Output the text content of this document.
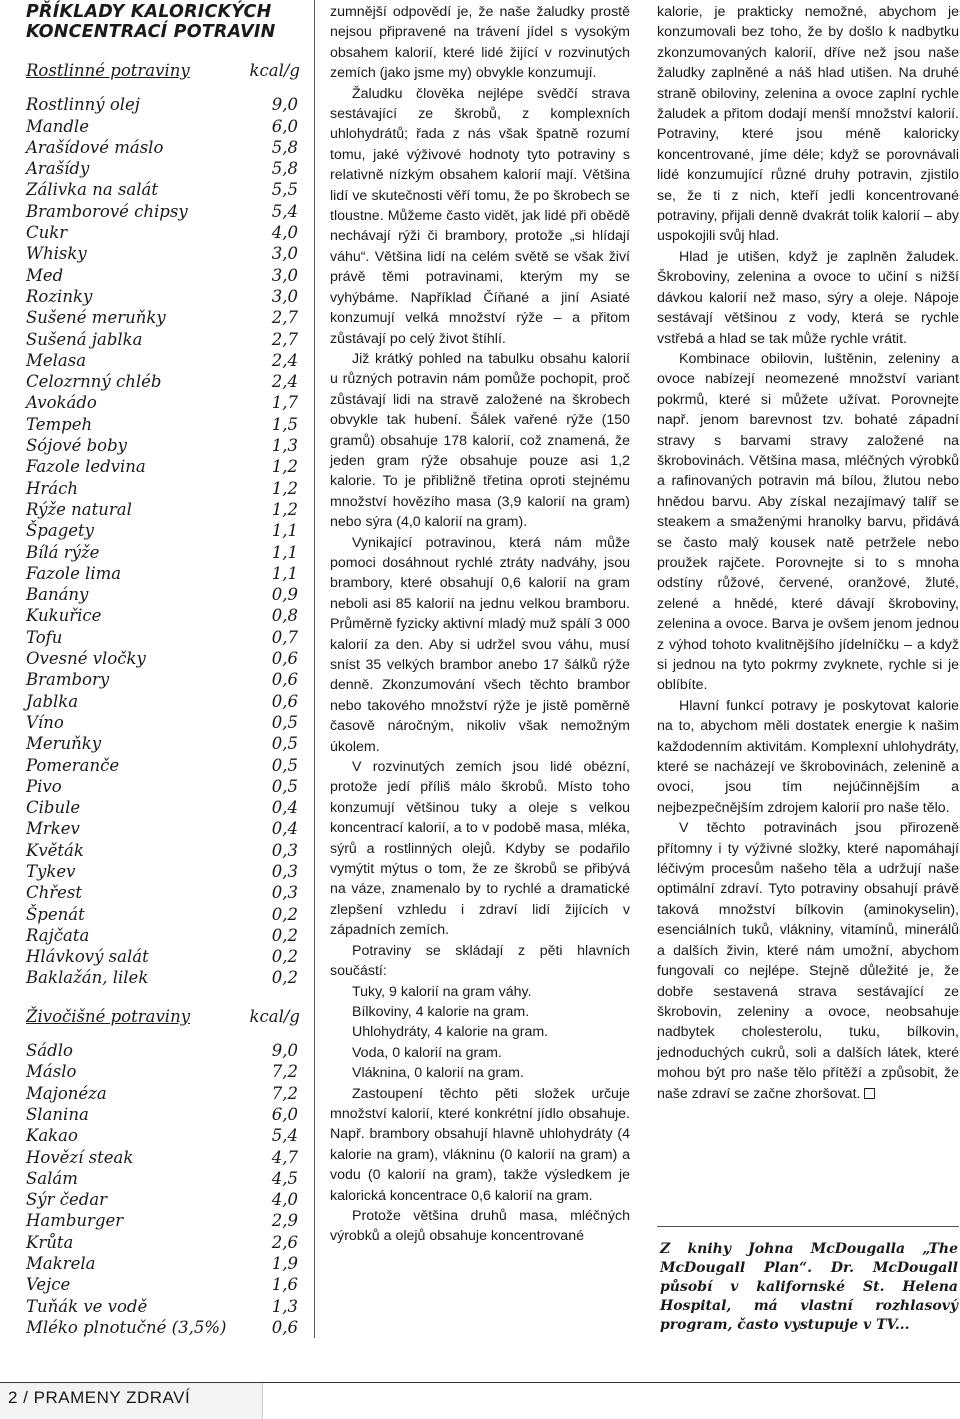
PŘÍKLADY KALORICKÝCH
KONCENTRACÍ POTRAVIN
Rostlinné potraviny	kcal/g
Rostlinný olej	9,0
Mandle	6,0
Arašídové máslo	5,8
Arašídy	5,8
Zálivka na salát	5,5
Bramborové chipsy	5,4
Cukr	4,0
Whisky	3,0
Med	3,0
Rozinky	3,0
Sušené meruňky	2,7
Sušená jablka	2,7
Melasa	2,4
Celozrnný chléb	2,4
Avokádo	1,7
Tempeh	1,5
Sójové boby	1,3
Fazole ledvina	1,2
Hrách	1,2
Rýže natural	1,2
Špagety	1,1
Bílá rýže	1,1
Fazole lima	1,1
Banány	0,9
Kukuřice	0,8
Tofu	0,7
Ovesné vločky	0,6
Brambory	0,6
Jablka	0,6
Víno	0,5
Meruňky	0,5
Pomeranče	0,5
Pivo	0,5
Cibule	0,4
Mrkev	0,4
Květák	0,3
Tykev	0,3
Chřest	0,3
Špenát	0,2
Rajčata	0,2
Hlávkový salát	0,2
Baklažán, lilek	0,2
Živočišné potraviny	kcal/g
Sádlo	9,0
Máslo	7,2
Majonéza	7,2
Slanina	6,0
Kakao	5,4
Hovězí steak	4,7
Salám	4,5
Sýr čedar	4,0
Hamburger	2,9
Krůta	2,6
Makrela	1,9
Vejce	1,6
Tuňák ve vodě	1,3
Mléko plnotučné (3,5%)	0,6

zumnější odpovědí je, že naše žaludky prostě nejsou připravené na trávení jídel s vysokým obsahem kalorií, které lidé žijící v rozvinutých zemích (jako jsme my) obvykle konzumují.

Žaludku člověka nejlépe svědčí strava sestávající ze škrobů, z komplexních uhlohydrátů; řada z nás však špatně rozumí tomu, jaké výživové hodnoty tyto potraviny s relativně nízkým obsahem kalorií mají. Většina lidí ve skutečnosti věří tomu, že po škrobech se tloustne. Můžeme často vidět, jak lidé při obědě nechávají rýži či brambory, protože „si hlídají váhu“. Většina lidí na celém světě se však živí právě těmi potravinami, kterým my se vyhýbáme. Například Číňané a jiní Asiaté konzumují velká množství rýže – a přitom zůstávají po celý život štíhlí.

Již krátký pohled na tabulku obsahu kalorií u různých potravin nám pomůže pochopit, proč zůstávají lidi na stravě založené na škrobech obvykle tak hubení. Šálek vařené rýže (150 gramů) obsahuje 178 kalorií, což znamená, že jeden gram rýže obsahuje pouze asi 1,2 kalorie. To je přibližně třetina oproti stejnému množství hovězího masa (3,9 kalorií na gram) nebo sýra (4,0 kalorií na gram).

Vynikající potravinou, která nám může pomoci dosáhnout rychlé ztráty nadváhy, jsou brambory, které obsahují 0,6 kalorií na gram neboli asi 85 kalorií na jednu velkou bramboru. Průměrně fyzicky aktivní mladý muž spálí 3 000 kalorií za den. Aby si udržel svou váhu, musí sníst 35 velkých brambor anebo 17 šálků rýže denně. Zkonzumování všech těchto brambor nebo takového množství rýže je jistě poměrně časově náročným, nikoliv však nemožným úkolem.

V rozvinutých zemích jsou lidé obézní, protože jedí příliš málo škrobů. Místo toho konzumují většinou tuky a oleje s velkou koncentrací kalorií, a to v podobě masa, mléka, sýrů a rostlinných olejů. Kdyby se podařilo vymýtit mýtus o tom, že ze škrobů se přibývá na váze, znamenalo by to rychlé a dramatické zlepšení vzhledu i zdraví lidí žijících v západních zemích.

Potraviny se skládají z pěti hlavních součástí:

Tuky, 9 kalorií na gram váhy.

Bílkoviny, 4 kalorie na gram.

Uhlohydráty, 4 kalorie na gram.

Voda, 0 kalorií na gram.

Vláknina, 0 kalorií na gram.

Zastoupení těchto pěti složek určuje množství kalorií, které konkrétní jídlo obsahuje. Např. brambory obsahují hlavně uhlohydráty (4 kalorie na gram), vlákninu (0 kalorií na gram) a vodu (0 kalorií na gram), takže výsledkem je kalorická koncentrace 0,6 kalorií na gram.

Protože většina druhů masa, mléčných výrobků a olejů obsahuje koncentrované

kalorie, je prakticky nemožné, abychom je konzumovali bez toho, že by došlo k nadbytku zkonzumovaných kalorií, dříve než jsou naše žaludky zaplněné a náš hlad utišen. Na druhé straně obiloviny, zelenina a ovoce zaplní rychle žaludek a přitom dodají menší množství kalorií. Potraviny, které jsou méně kaloricky koncentrované, jíme déle; když se porovnávali lidé konzumující různé druhy potravin, zjistilo se, že ti z nich, kteří jedli koncentrované potraviny, přijali denně dvakrát tolik kalorií – aby uspokojili svůj hlad.

Hlad je utišen, když je zaplněn žaludek. Škroboviny, zelenina a ovoce to učiní s nižší dávkou kalorií než maso, sýry a oleje. Nápoje sestávají většinou z vody, která se rychle vstřebá a hlad se tak může rychle vrátit.

Kombinace obilovin, luštěnin, zeleniny a ovoce nabízejí neomezené množství variant pokrmů, které si můžete užívat. Porovnejte např. jenom barevnost tzv. bohaté západní stravy s barvami stravy založené na škrobovinách. Většina masa, mléčných výrobků a rafinovaných potravin má bílou, žlutou nebo hnědou barvu. Aby získal nezajímavý talíř se steakem a smaženými hranolky barvu, přidává se často malý kousek natě petržele nebo proužek rajčete. Porovnejte si to s mnoha odstíny růžové, červené, oranžové, žluté, zelené a hnědé, které dávají škroboviny, zelenina a ovoce. Barva je ovšem jenom jednou z výhod tohoto kvalitnějšího jídelníčku – a když si jednou na tyto pokrmy zvyknete, rychle si je oblíbíte.

Hlavní funkcí potravy je poskytovat kalorie na to, abychom měli dostatek energie k našim každodenním aktivitám. Komplexní uhlohydráty, které se nacházejí ve škrobovinách, zelenině a ovoci, jsou tím nejúčinnějším a nejbezpečnějším zdrojem kalorií pro naše tělo.

V těchto potravinách jsou přirozeně přítomny i ty výživné složky, které napomáhají léčivým procesům našeho těla a udržují naše optimální zdraví. Tyto potraviny obsahují právě taková množství bílkovin (aminokyselin), esenciálních tuků, vlákniny, vitamínů, minerálů a dalších živin, které nám umožní, abychom fungovali co nejlépe. Stejně důležité je, že dobře sestavená strava sestávající ze škrobovin, zeleniny a ovoce, neobsahuje nadbytek cholesterolu, tuku, bílkovin, jednoduchých cukrů, soli a dalších látek, které mohou být pro naše tělo přítěží a způsobit, že naše zdraví se začne zhoršovat.

Z knihy Johna McDougalla „The McDougall Plan“. Dr. McDougall působí v kalifornské St. Helena Hospital, má vlastní rozhlasový program, často vystupuje v TV...
2 / PRAMENY ZDRAVÍ
